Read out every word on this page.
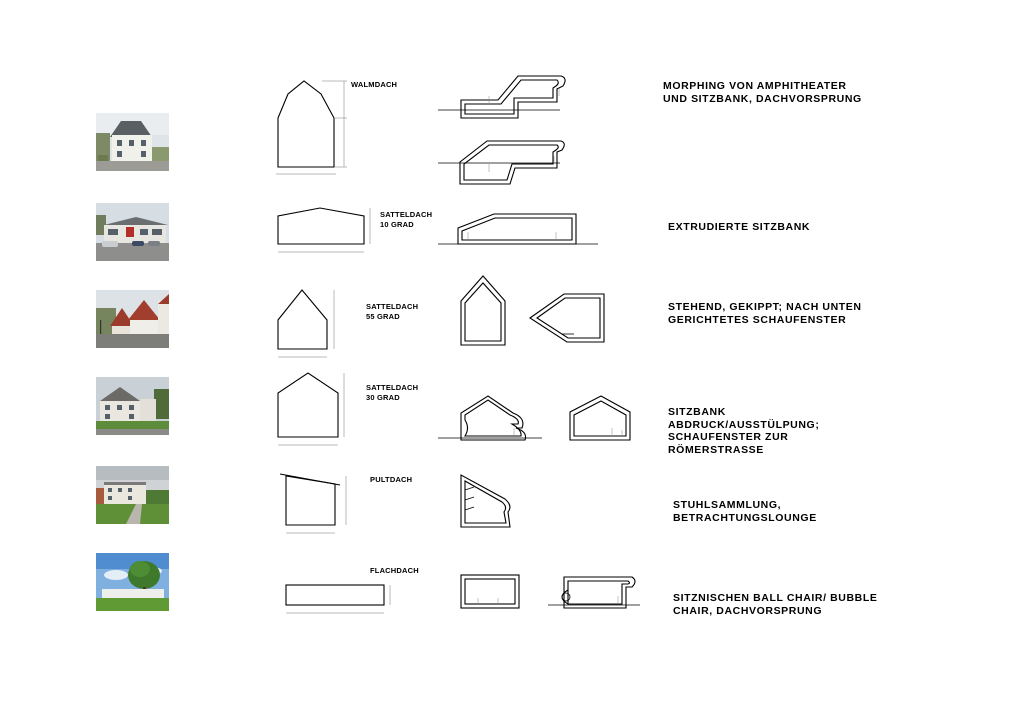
WALMDACH
SATTELDACH
10 GRAD
SATTELDACH
55 GRAD
SATTELDACH
30 GRAD
PULTDACH
FLACHDACH
MORPHING VON AMPHITHEATER
UND SITZBANK, DACHVORSPRUNG
EXTRUDIERTE SITZBANK
STEHEND, GEKIPPT; NACH UNTEN
GERICHTETES SCHAUFENSTER
SITZBANK
ABDRUCK/AUSSTÜLPUNG;
SCHAUFENSTER ZUR
RÖMERSTRASSE
STUHLSAMMLUNG,
BETRACHTUNGSLOUNGE
SITZNISCHEN BALL CHAIR/ BUBBLE
CHAIR, DACHVORSPRUNG
